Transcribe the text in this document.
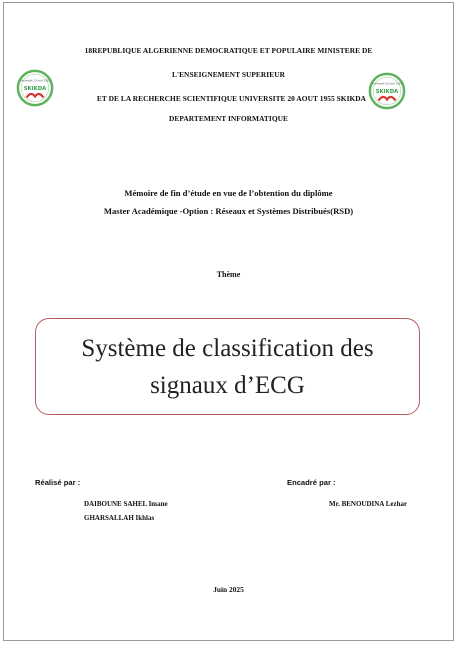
18REPUBLIQUE ALGERIENNE DEMOCRATIQUE ET POPULAIRE MINISTERE DE
L'ENSEIGNEMENT SUPERIEUR
ET DE LA RECHERCHE SCIENTIFIQUE UNIVERSITE 20 AOUT 1955 SKIKDA
DEPARTEMENT INFORMATIQUE
Université 20 Août 1955
SKIKDA
Université 20 Août 1955
SKIKDA
Mémoire de fin d’étude en vue de l’obtention du diplôme
Master Académique -Option : Réseaux et Systèmes Distribués(RSD)
Thème
Système de classification des
signaux d’ECG
Réalisé par :
DAIBOUNE SAHEL Imane
GHARSALLAH Ikhlas
Encadré par :
Mr. BENOUDINA Lezhar
Juin 2025
